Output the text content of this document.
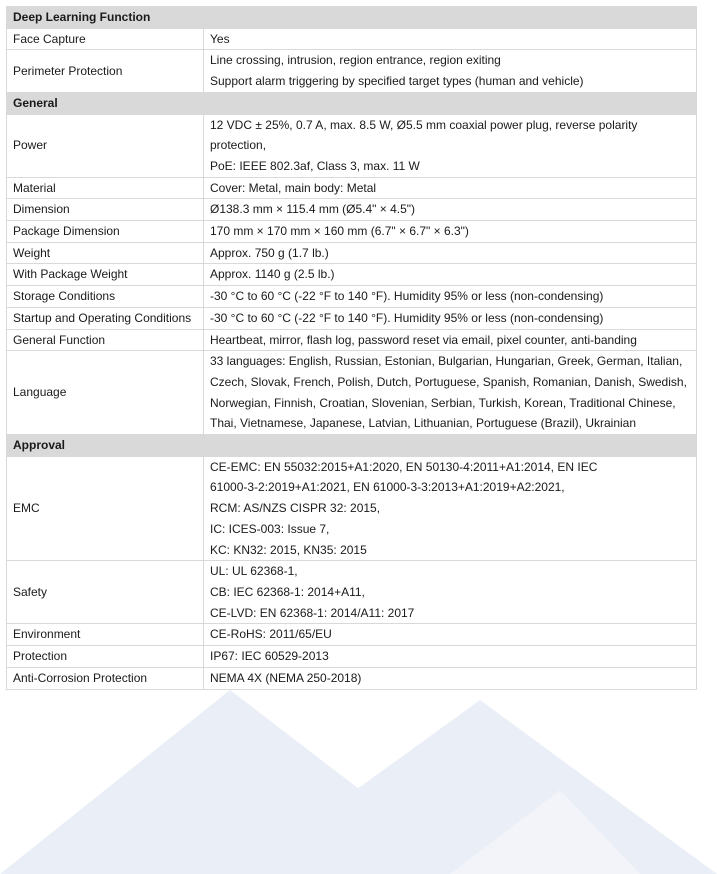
Deep Learning Function	

Face Capture	Yes

Perimeter Protection	Line crossing, intrusion, region entrance, region exiting
Support alarm triggering by specified target types (human and vehicle)

General	

Power	12 VDC ± 25%, 0.7 A, max. 8.5 W, Ø5.5 mm coaxial power plug, reverse polarity
protection,
PoE: IEEE 802.3af, Class 3, max. 11 W

Material	Cover: Metal, main body: Metal

Dimension	Ø138.3 mm × 115.4 mm (Ø5.4" × 4.5")

Package Dimension	170 mm × 170 mm × 160 mm (6.7" × 6.7" × 6.3")

Weight	Approx. 750 g (1.7 lb.)

With Package Weight	Approx. 1140 g (2.5 lb.)

Storage Conditions	-30 °C to 60 °C (-22 °F to 140 °F). Humidity 95% or less (non-condensing)

Startup and Operating Conditions	-30 °C to 60 °C (-22 °F to 140 °F). Humidity 95% or less (non-condensing)

General Function	Heartbeat, mirror, flash log, password reset via email, pixel counter, anti-banding

Language	33 languages: English, Russian, Estonian, Bulgarian, Hungarian, Greek, German, Italian,
Czech, Slovak, French, Polish, Dutch, Portuguese, Spanish, Romanian, Danish, Swedish,
Norwegian, Finnish, Croatian, Slovenian, Serbian, Turkish, Korean, Traditional Chinese,
Thai, Vietnamese, Japanese, Latvian, Lithuanian, Portuguese (Brazil), Ukrainian

Approval	

EMC	CE-EMC: EN 55032:2015+A1:2020, EN 50130-4:2011+A1:2014, EN IEC
61000-3-2:2019+A1:2021, EN 61000-3-3:2013+A1:2019+A2:2021,
RCM: AS/NZS CISPR 32: 2015,
IC: ICES-003: Issue 7,
KC: KN32: 2015, KN35: 2015

Safety	UL: UL 62368-1,
CB: IEC 62368-1: 2014+A11,
CE-LVD: EN 62368-1: 2014/A11: 2017

Environment	CE-RoHS: 2011/65/EU

Protection	IP67: IEC 60529-2013

Anti-Corrosion Protection	NEMA 4X (NEMA 250-2018)
